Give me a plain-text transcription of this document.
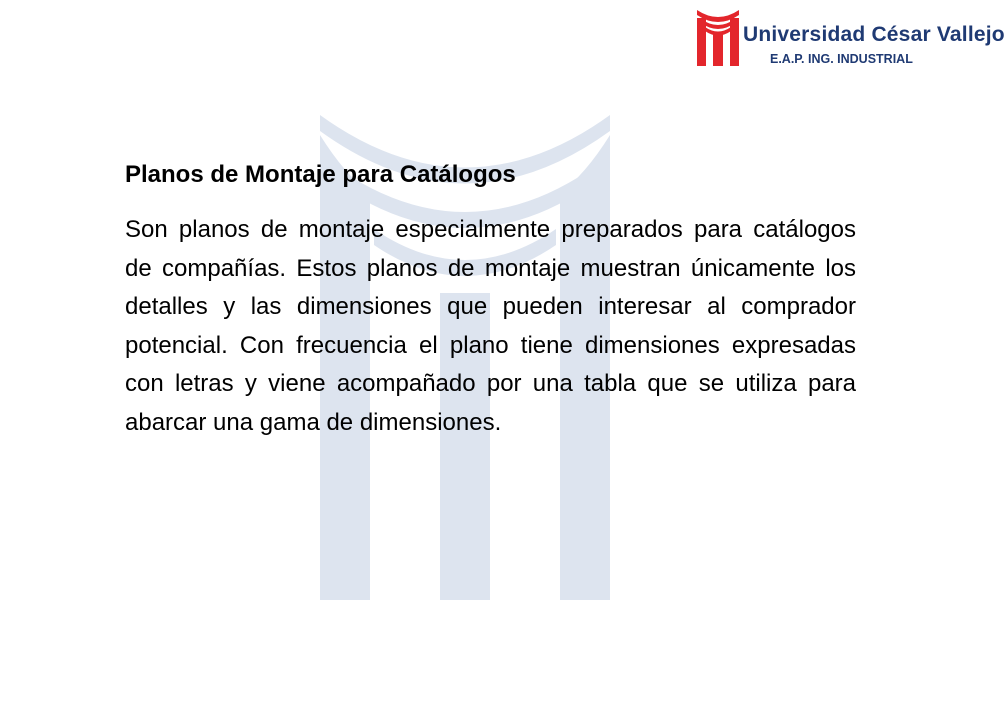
Universidad César Vallejo
E.A.P. ING. INDUSTRIAL
Planos de Montaje para Catálogos

Son planos de montaje especialmente preparados para catálogos de compañías. Estos planos de montaje muestran únicamente los detalles y las dimensiones que pueden interesar al comprador potencial. Con frecuencia el plano tiene dimensiones expresadas con letras y viene acompañado por una tabla que se utiliza para abarcar una gama de dimensiones.
